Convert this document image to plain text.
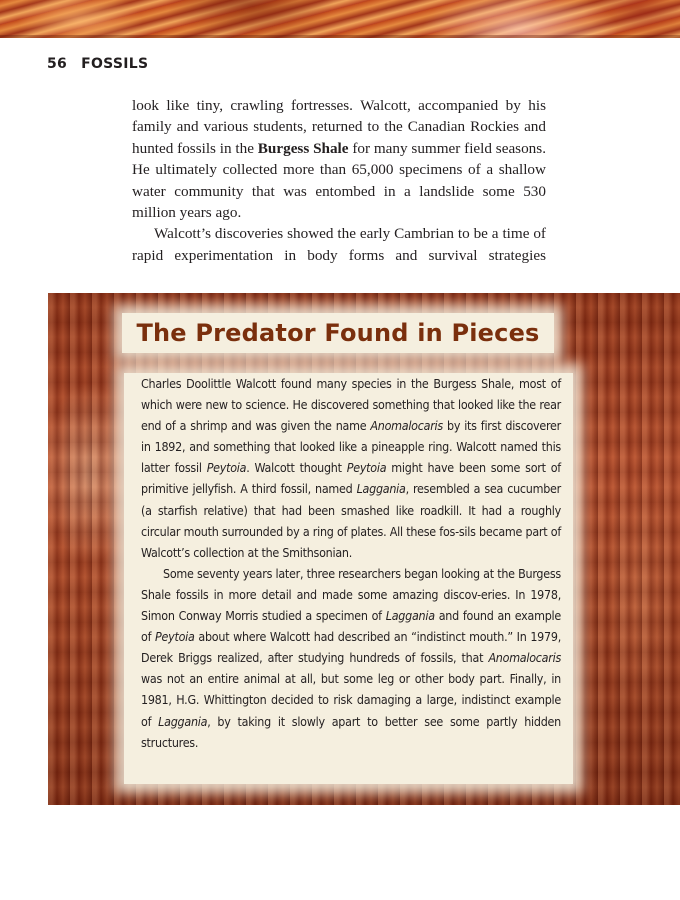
56 FOSSILS

look like tiny, crawling fortresses. Walcott, accompanied by his family and various students, returned to the Canadian Rockies and hunted fossils in the Burgess Shale for many summer field seasons. He ultimately collected more than 65,000 specimens of a shallow water community that was entombed in a landslide some 530 million years ago.

Walcott’s discoveries showed the early Cambrian to be a time of rapid experimentation in body forms and survival strategies

The Predator Found in Pieces

Charles Doolittle Walcott found many species in the Burgess Shale, most of which were new to science. He discovered something that looked like the rear end of a shrimp and was given the name Anomalocaris by its first discoverer in 1892, and something that looked like a pineapple ring. Walcott named this latter fossil Peytoia. Walcott thought Peytoia might have been some sort of primitive jellyfish. A third fossil, named Laggania, resembled a sea cucumber (a starfish relative) that had been smashed like roadkill. It had a roughly circular mouth surrounded by a ring of plates. All these fos-sils became part of Walcott’s collection at the Smithsonian.

Some seventy years later, three researchers began looking at the Burgess Shale fossils in more detail and made some amazing discov-eries. In 1978, Simon Conway Morris studied a specimen of Laggania and found an example of Peytoia about where Walcott had described an “indistinct mouth.” In 1979, Derek Briggs realized, after studying hundreds of fossils, that Anomalocaris was not an entire animal at all, but some leg or other body part. Finally, in 1981, H.G. Whittington decided to risk damaging a large, indistinct example of Laggania, by taking it slowly apart to better see some partly hidden structures.
